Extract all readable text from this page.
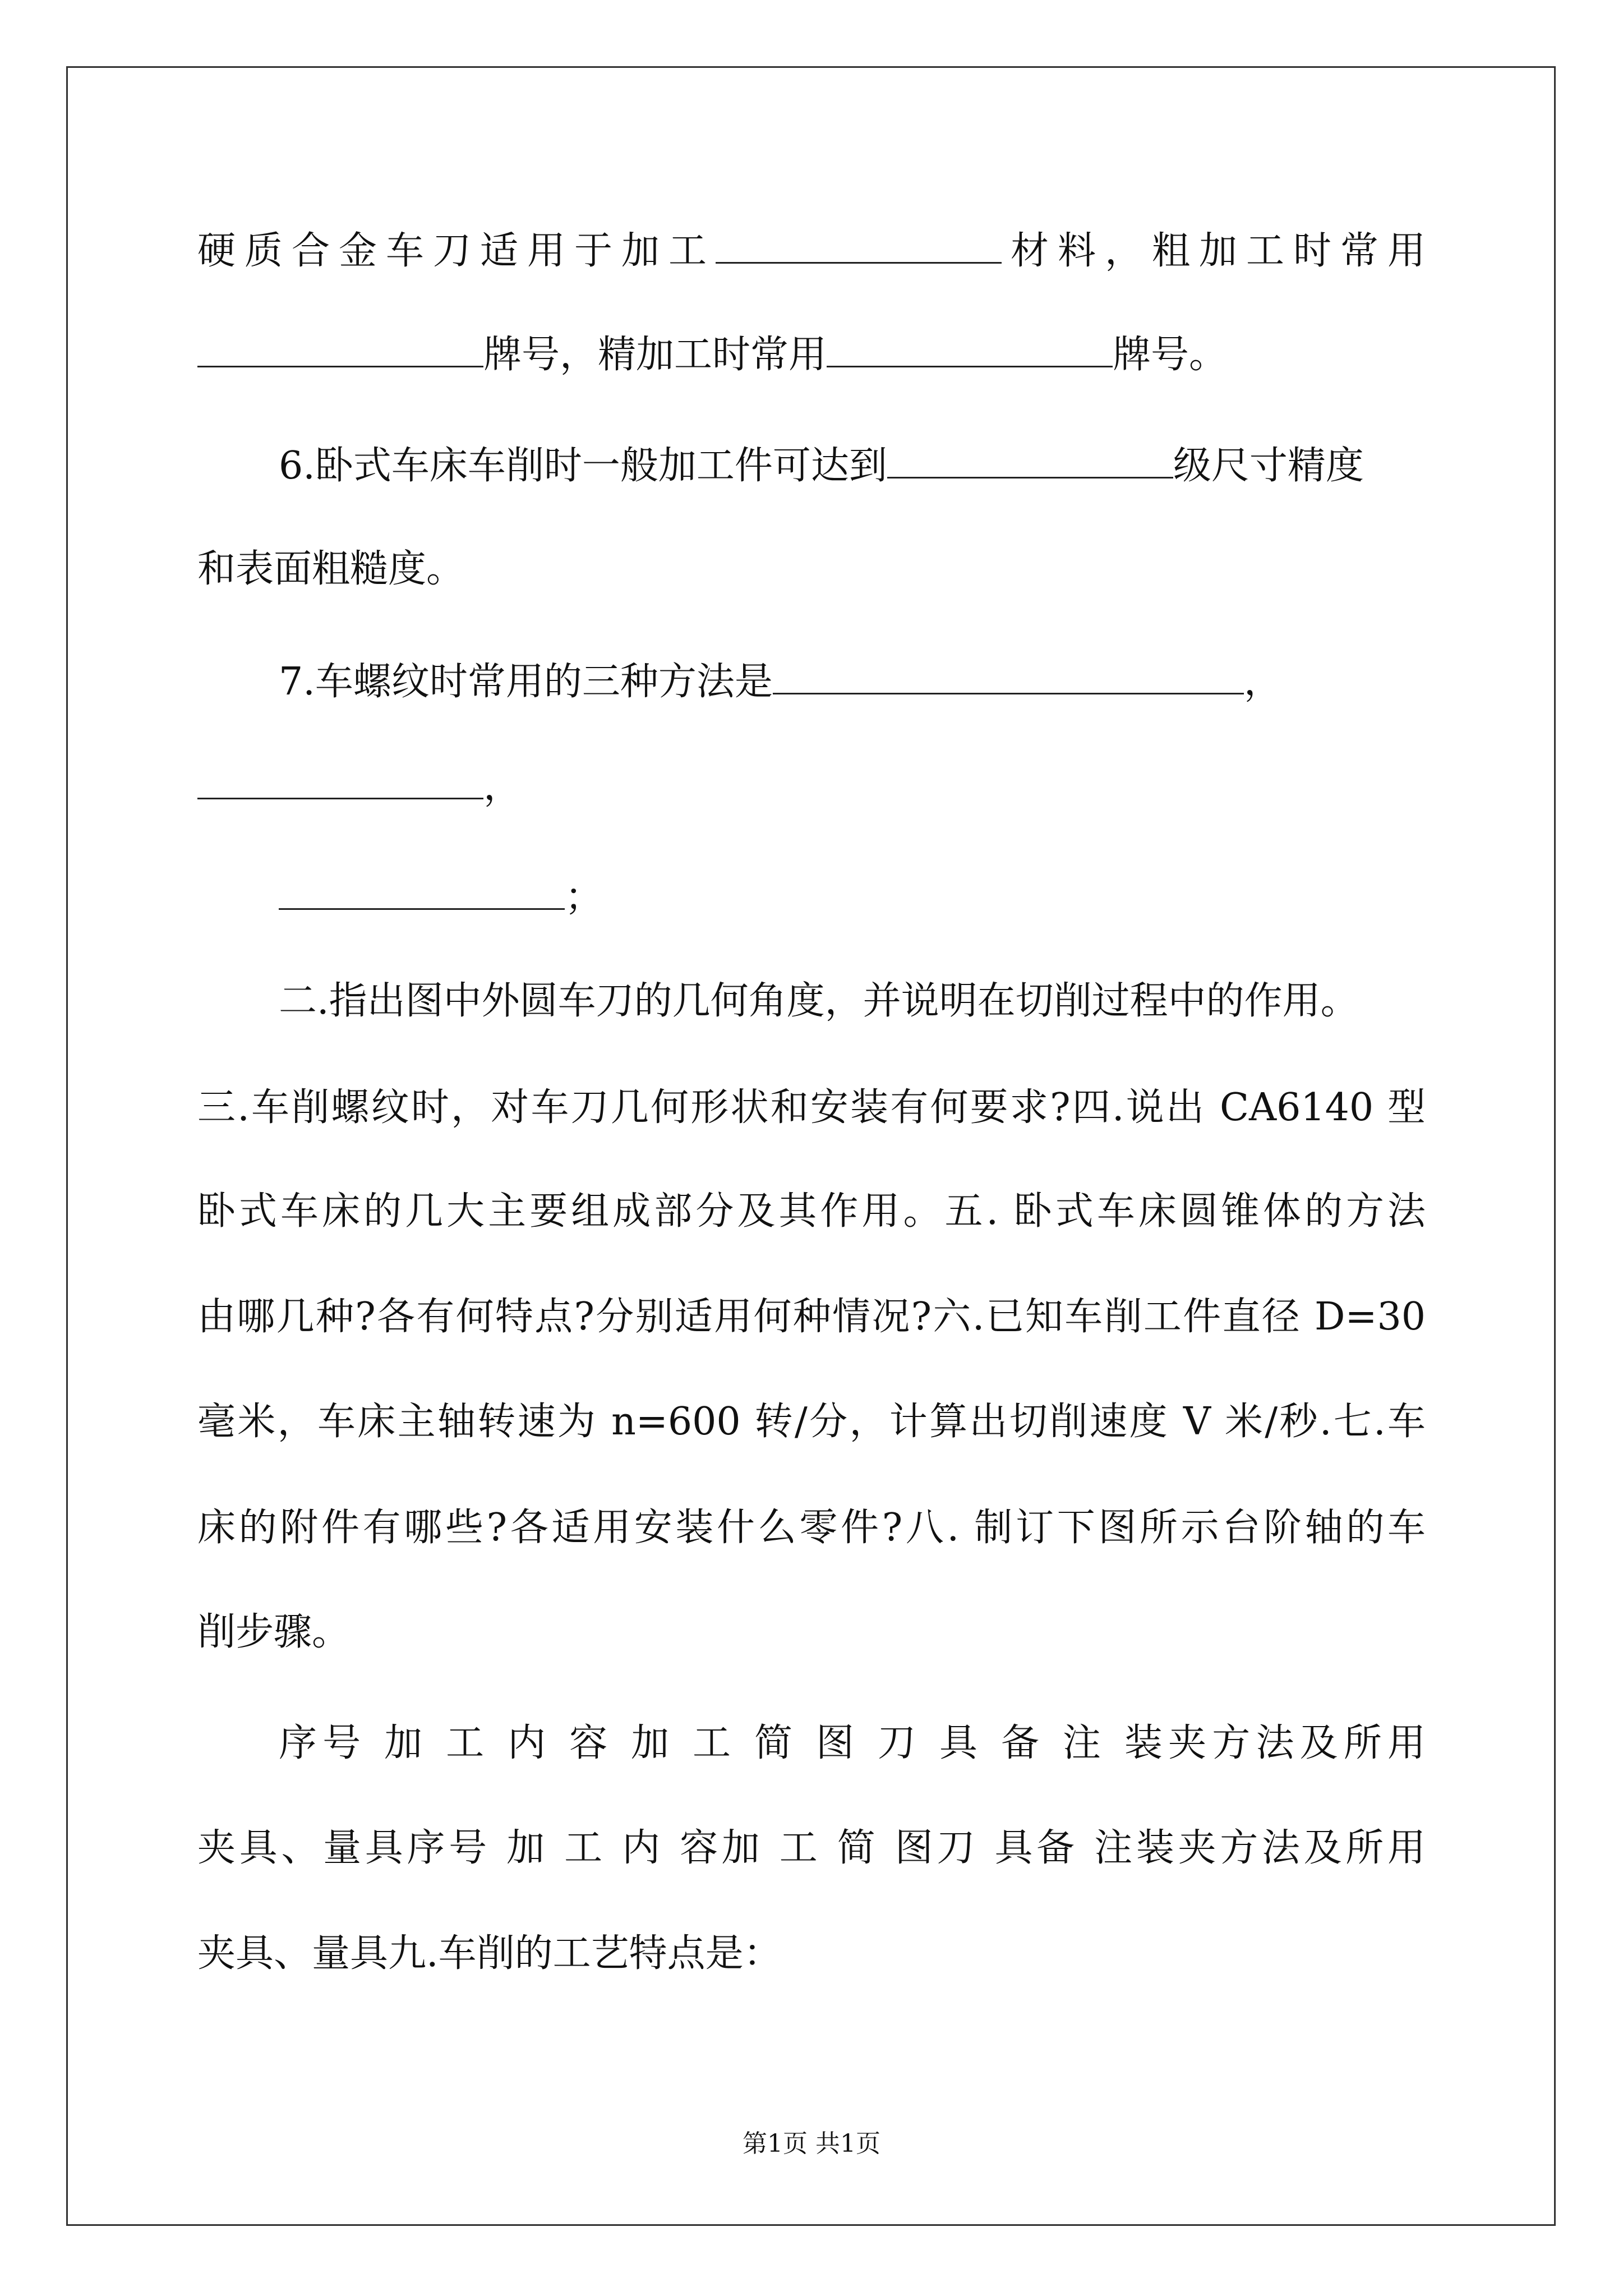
硬质合金车刀适用于加工	材料，粗加工时常用
牌号，精加工时常用	牌号。
6.卧式车床车削时一般加工件可达到	级尺寸精度
和表面粗糙度。
7.车螺纹时常用的三种方法是	，
，
；
二.指出图中外圆车刀的几何角度，并说明在切削过程中的作用。
三.车削螺纹时，对车刀几何形状和安装有何要求?四.说出 CA6140 型
卧式车床的几大主要组成部分及其作用。五. 卧式车床圆锥体的方法
由哪几种?各有何特点?分别适用何种情况?六.已知车削工件直径 D=30
毫米，车床主轴转速为 n=600 转/分，计算出切削速度 V 米/秒.七.车
床的附件有哪些?各适用安装什么零件?八. 制订下图所示台阶轴的车
削步骤。
序号 加 工 内 容 加 工 简 图 刀 具 备 注 装夹方法及所用
夹具、量具序号 加 工 内 容加 工 简 图刀 具备 注装夹方法及所用
夹具、量具九.车削的工艺特点是：
第1页 共1页
